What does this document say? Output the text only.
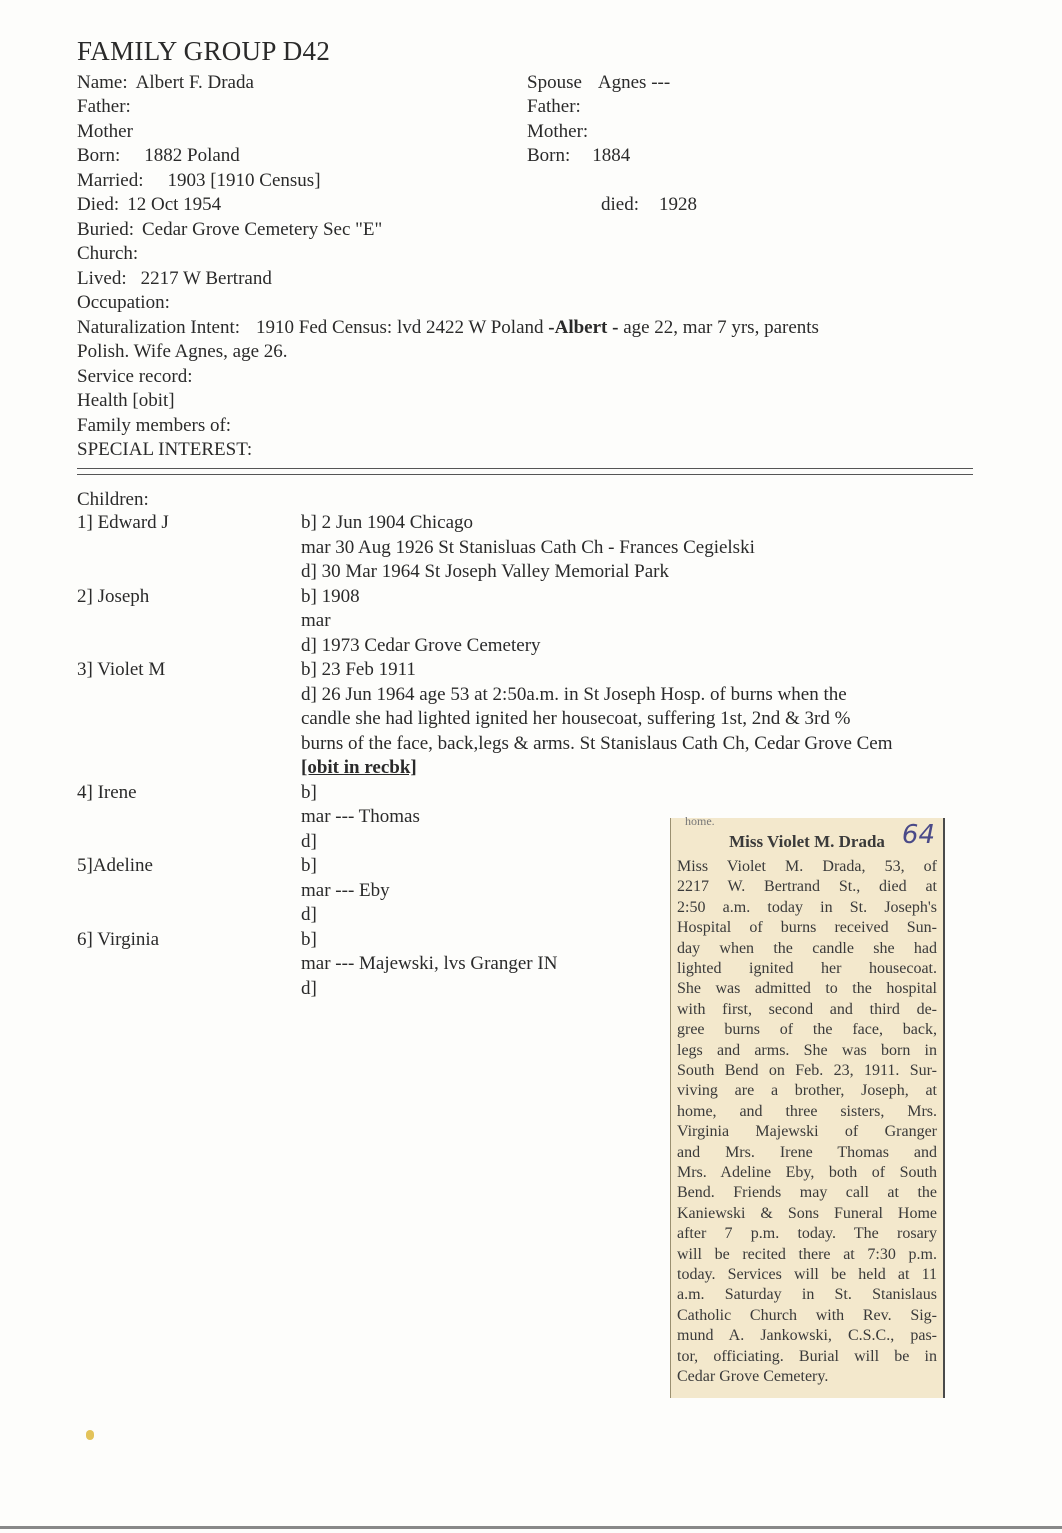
FAMILY GROUP D42
Name: Albert F. Drada
Father:
Mother
Born: 1882 Poland
Married: 1903 [1910 Census]
Died: 12 Oct 1954
Buried: Cedar Grove Cemetery Sec "E"
Church:
Lived: 2217 W Bertrand
Occupation:
Spouse Agnes ---
Father:
Mother:
Born: 1884
died: 1928
Naturalization Intent: 1910 Fed Census: lvd 2422 W Poland -Albert - age 22, mar 7 yrs, parents
Polish. Wife Agnes, age 26.
Service record:
Health [obit]
Family members of:
SPECIAL INTEREST:
Children:
1] Edward J	b] 2 Jun 1904 Chicago
mar 30 Aug 1926 St Stanisluas Cath Ch - Frances Cegielski
d] 30 Mar 1964 St Joseph Valley Memorial Park
2] Joseph	b] 1908
mar
d] 1973 Cedar Grove Cemetery
3] Violet M	b] 23 Feb 1911
d] 26 Jun 1964 age 53 at 2:50a.m. in St Joseph Hosp. of burns when the
candle she had lighted ignited her housecoat, suffering 1st, 2nd & 3rd %
burns of the face, back,legs & arms. St Stanislaus Cath Ch, Cedar Grove Cem
[obit in recbk]
4] Irene	b]
mar --- Thomas
d]
5]Adeline	b]
mar --- Eby
d]
6] Virginia	b]
mar --- Majewski, lvs Granger IN
d]
home.	64
Miss Violet M. Drada
Miss Violet M. Drada, 53, of
2217 W. Bertrand St., died at
2:50 a.m. today in St. Joseph's
Hospital of burns received Sun-
day when the candle she had
lighted ignited her housecoat.
She was admitted to the hospital
with first, second and third de-
gree burns of the face, back,
legs and arms. She was born in
South Bend on Feb. 23, 1911. Sur-
viving are a brother, Joseph, at
home, and three sisters, Mrs.
Virginia Majewski of Granger
and Mrs. Irene Thomas and
Mrs. Adeline Eby, both of South
Bend. Friends may call at the
Kaniewski & Sons Funeral Home
after 7 p.m. today. The rosary
will be recited there at 7:30 p.m.
today. Services will be held at 11
a.m. Saturday in St. Stanislaus
Catholic Church with Rev. Sig-
mund A. Jankowski, C.S.C., pas-
tor, officiating. Burial will be in
Cedar Grove Cemetery.
